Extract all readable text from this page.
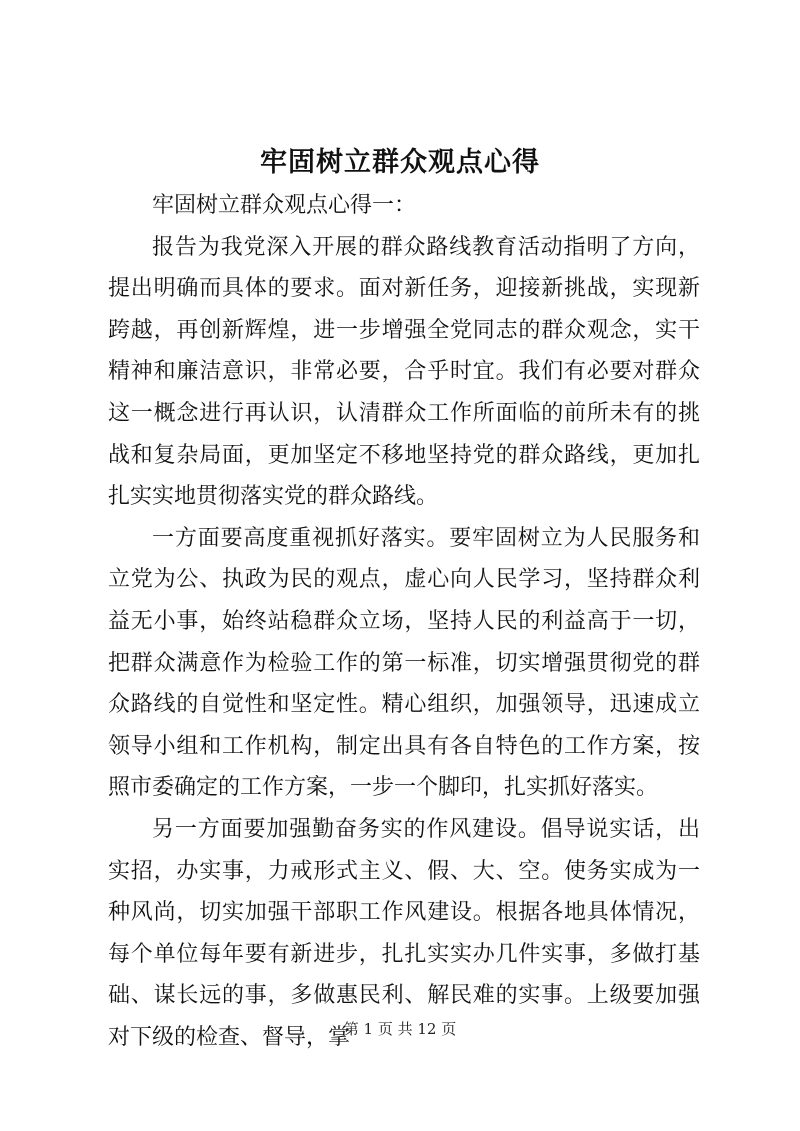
牢固树立群众观点心得

牢固树立群众观点心得一：

报告为我党深入开展的群众路线教育活动指明了方向，提出明确而具体的要求。面对新任务，迎接新挑战，实现新跨越，再创新辉煌，进一步增强全党同志的群众观念，实干精神和廉洁意识，非常必要，合乎时宜。我们有必要对群众这一概念进行再认识，认清群众工作所面临的前所未有的挑战和复杂局面，更加坚定不移地坚持党的群众路线，更加扎扎实实地贯彻落实党的群众路线。

一方面要高度重视抓好落实。要牢固树立为人民服务和立党为公、执政为民的观点，虚心向人民学习，坚持群众利益无小事，始终站稳群众立场，坚持人民的利益高于一切，把群众满意作为检验工作的第一标准，切实增强贯彻党的群众路线的自觉性和坚定性。精心组织，加强领导，迅速成立领导小组和工作机构，制定出具有各自特色的工作方案，按照市委确定的工作方案，一步一个脚印，扎实抓好落实。

另一方面要加强勤奋务实的作风建设。倡导说实话，出实招，办实事，力戒形式主义、假、大、空。使务实成为一种风尚，切实加强干部职工作风建设。根据各地具体情况，每个单位每年要有新进步，扎扎实实办几件实事，多做打基础、谋长远的事，多做惠民利、解民难的实事。上级要加强对下级的检查、督导，掌

第 1 页 共 12 页
